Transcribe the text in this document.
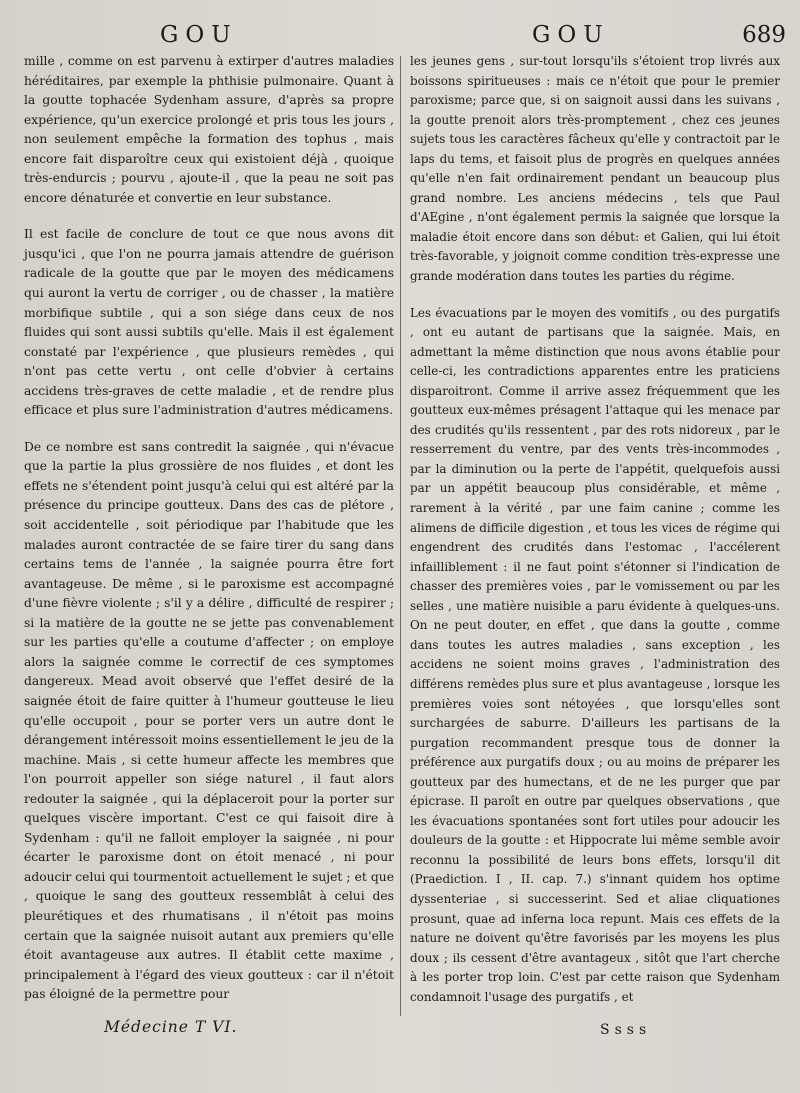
GOU	GOU	689

mille , comme on est parvenu à extirper d'autres maladies héréditaires, par exemple la phthisie pulmonaire. Quant à la goutte tophacée Sydenham assure, d'après sa propre expérience, qu'un exercice prolongé et pris tous les jours , non seulement empêche la formation des tophus , mais encore fait disparoître ceux qui existoient déjà , quoique très-endurcis ; pourvu , ajoute-il , que la peau ne soit pas encore dénaturée et convertie en leur substance.

Il est facile de conclure de tout ce que nous avons dit jusqu'ici , que l'on ne pourra jamais attendre de guérison radicale de la goutte que par le moyen des médicamens qui auront la vertu de corriger , ou de chasser , la matière morbifique subtile , qui a son siége dans ceux de nos fluides qui sont aussi subtils qu'elle. Mais il est également constaté par l'expérience , que plusieurs remèdes , qui n'ont pas cette vertu , ont celle d'obvier à certains accidens très-graves de cette maladie , et de rendre plus efficace et plus sure l'administration d'autres médicamens.

De ce nombre est sans contredit la saignée , qui n'évacue que la partie la plus grossière de nos fluides , et dont les effets ne s'étendent point jusqu'à celui qui est altéré par la présence du principe goutteux. Dans des cas de plétore , soit accidentelle , soit périodique par l'habitude que les malades auront contractée de se faire tirer du sang dans certains tems de l'année , la saignée pourra être fort avantageuse. De même , si le paroxisme est accompagné d'une fièvre violente ; s'il y a délire , difficulté de respirer ; si la matière de la goutte ne se jette pas convenablement sur les parties qu'elle a coutume d'affecter ; on employe alors la saignée comme le correctif de ces symptomes dangereux. Mead avoit observé que l'effet desiré de la saignée étoit de faire quitter à l'humeur goutteuse le lieu qu'elle occupoit , pour se porter vers un autre dont le dérangement intéressoit moins essentiellement le jeu de la machine. Mais , si cette humeur affecte les membres que l'on pourroit appeller son siége naturel , il faut alors redouter la saignée , qui la déplaceroit pour la porter sur quelques viscère important. C'est ce qui faisoit dire à Sydenham : qu'il ne falloit employer la saignée , ni pour écarter le paroxisme dont on étoit menacé , ni pour adoucir celui qui tourmentoit actuellement le sujet ; et que , quoique le sang des goutteux ressemblât à celui des pleurétiques et des rhumatisans , il n'étoit pas moins certain que la saignée nuisoit autant aux premiers qu'elle étoit avantageuse aux autres. Il établit cette maxime , principalement à l'égard des vieux goutteux : car il n'étoit pas éloigné de la permettre pour

les jeunes gens , sur-tout lorsqu'ils s'étoient trop livrés aux boissons spiritueuses : mais ce n'étoit que pour le premier paroxisme; parce que, si on saignoit aussi dans les suivans , la goutte prenoit alors très-promptement , chez ces jeunes sujets tous les caractères fâcheux qu'elle y contractoit par le laps du tems, et faisoit plus de progrès en quelques années qu'elle n'en fait ordinairement pendant un beaucoup plus grand nombre. Les anciens médecins , tels que Paul d'AEgine , n'ont également permis la saignée que lorsque la maladie étoit encore dans son début: et Galien, qui lui étoit très-favorable, y joignoit comme condition très-expresse une grande modération dans toutes les parties du régime.

Les évacuations par le moyen des vomitifs , ou des purgatifs , ont eu autant de partisans que la saignée. Mais, en admettant la même distinction que nous avons établie pour celle-ci, les contradictions apparentes entre les praticiens disparoitront. Comme il arrive assez fréquemment que les goutteux eux-mêmes présagent l'attaque qui les menace par des crudités qu'ils ressentent , par des rots nidoreux , par le resserrement du ventre, par des vents très-incommodes , par la diminution ou la perte de l'appétit, quelquefois aussi par un appétit beaucoup plus considérable, et même , rarement à la vérité , par une faim canine ; comme les alimens de difficile digestion , et tous les vices de régime qui engendrent des crudités dans l'estomac , l'accélerent infailliblement : il ne faut point s'étonner si l'indication de chasser des premières voies , par le vomissement ou par les selles , une matière nuisible a paru évidente à quelques-uns. On ne peut douter, en effet , que dans la goutte , comme dans toutes les autres maladies , sans exception , les accidens ne soient moins graves , l'administration des différens remèdes plus sure et plus avantageuse , lorsque les premières voies sont nétoyées , que lorsqu'elles sont surchargées de saburre. D'ailleurs les partisans de la purgation recommandent presque tous de donner la préférence aux purgatifs doux ; ou au moins de préparer les goutteux par des humectans, et de ne les purger que par épicrase. Il paroît en outre par quelques observations , que les évacuations spontanées sont fort utiles pour adoucir les douleurs de la goutte : et Hippocrate lui même semble avoir reconnu la possibilité de leurs bons effets, lorsqu'il dit (Praediction. I , II. cap. 7.) s'innant quidem hos optime dyssenteriae , si successerint. Sed et aliae cliquationes prosunt, quae ad inferna loca repunt. Mais ces effets de la nature ne doivent qu'être favorisés par les moyens les plus doux ; ils cessent d'être avantageux , sitôt que l'art cherche à les porter trop loin. C'est par cette raison que Sydenham condamnoit l'usage des purgatifs , et

Médecine T VI.	Ssss
